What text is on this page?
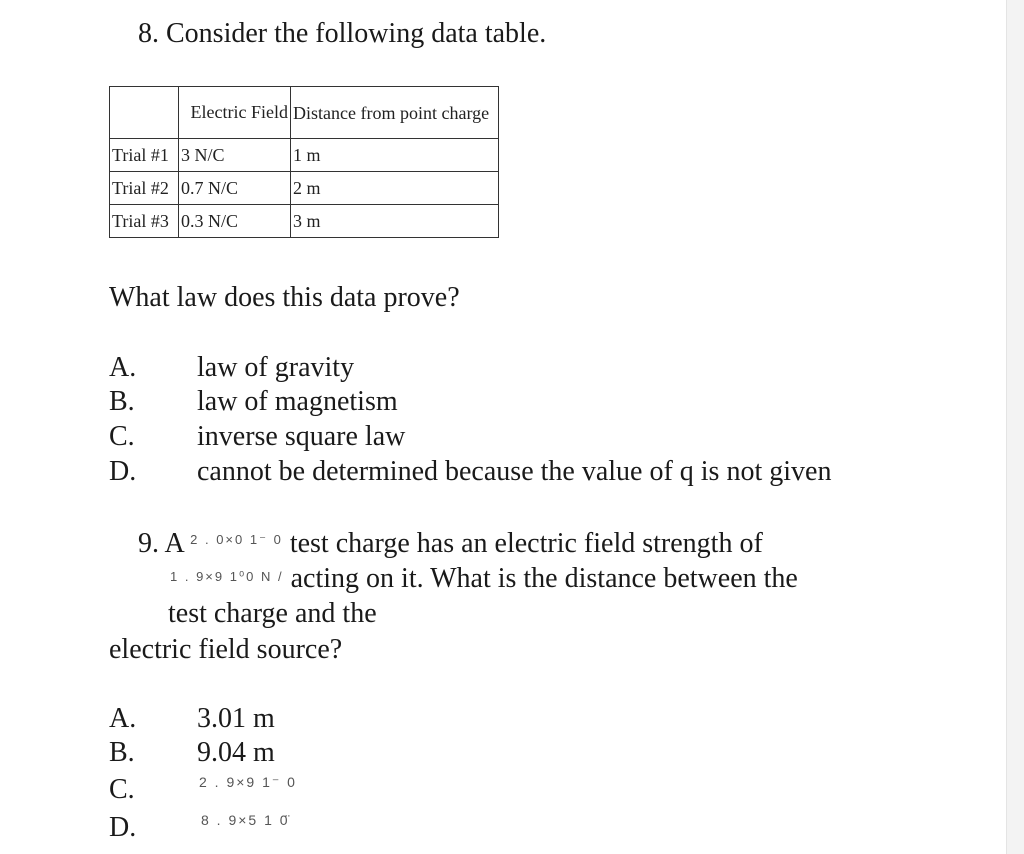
8. Consider the following data table.
	Electric Field	Distance from point charge
Trial #1	3 N/C	1 m
Trial #2	0.7 N/C	2 m
Trial #3	0.3 N/C	3 m
What law does this data prove?
A. law of gravity
B. law of magnetism
C. inverse square law
D. cannot be determined because the value of q is not given
9. A $^{2 . 0\times 0 1^- 0}$ test charge has an electric field strength of
$^{1 . 9\times 9 1^00 N /}$ acting on it. What is the distance between the
test charge and the
electric field source?
A. 3.01 m
B. 9.04 m
C.	2 . 9×9 1⁻ 0
D.	8 . 9×5 1 0̈
